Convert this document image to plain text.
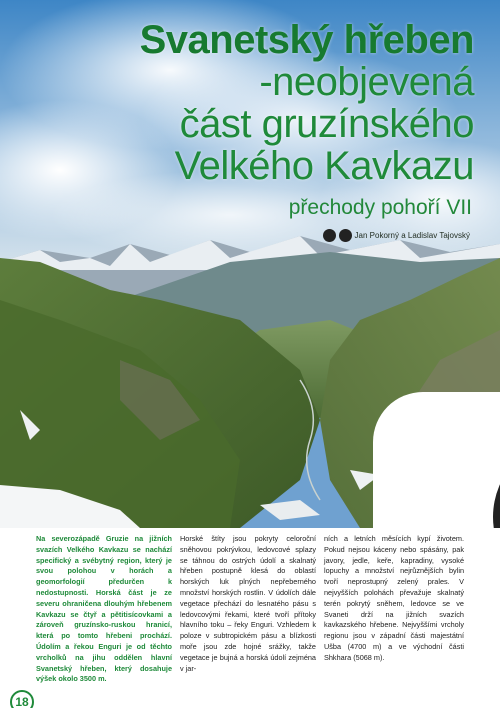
Svanetský hřeben
-neobjevená
část gruzínského
Velkého Kavkazu
přechody pohoří VII
Jan Pokorný a Ladislav Tajovský

Na severozápadě Gruzie na jižních svazích Velkého Kavkazu se nachází specifický a svébytný region, který je svou polohou v horách a geomorfologií předurčen k nedostupnosti. Horská část je ze severu ohraničena dlouhým hřebenem Kavkazu se čtyř a pětitisícovkami a zároveň gruzínsko-ruskou hranicí, která po tomto hřebeni prochází. Údolím a řekou Enguri je od těchto vrcholků na jihu oddělen hlavní Svanetský hřeben, který dosahuje výšek okolo 3500 m.

Horské štíty jsou pokryty celoroční sněhovou pokrývkou, ledovcové splazy se táhnou do ostrých údolí a skalnatý hřeben postupně klesá do oblastí horských luk plných nepřeberného množství horských rostlin. V údolích dále vegetace přechází do lesnatého pásu s ledovcovými řekami, které tvoří přítoky hlavního toku – řeky Enguri. Vzhledem k poloze v subtropickém pásu a blízkosti moře jsou zde hojné srážky, takže vegetace je bujná a horská údolí zejména v jar-

ních a letních měsících kypí životem. Pokud nejsou káceny nebo spásány, pak javory, jedle, keře, kapradiny, vysoké lopuchy a množství nejrůznějších bylin tvoří neprostupný zelený prales. V nejvyšších polohách převažuje skalnatý terén pokrytý sněhem, ledovce se ve Svaneti drží na jižních svazích kavkazského hřebene. Nejvyššími vrcholy regionu jsou v západní části majestátní Ušba (4700 m) a ve východní části Shkhara (5068 m).

18
